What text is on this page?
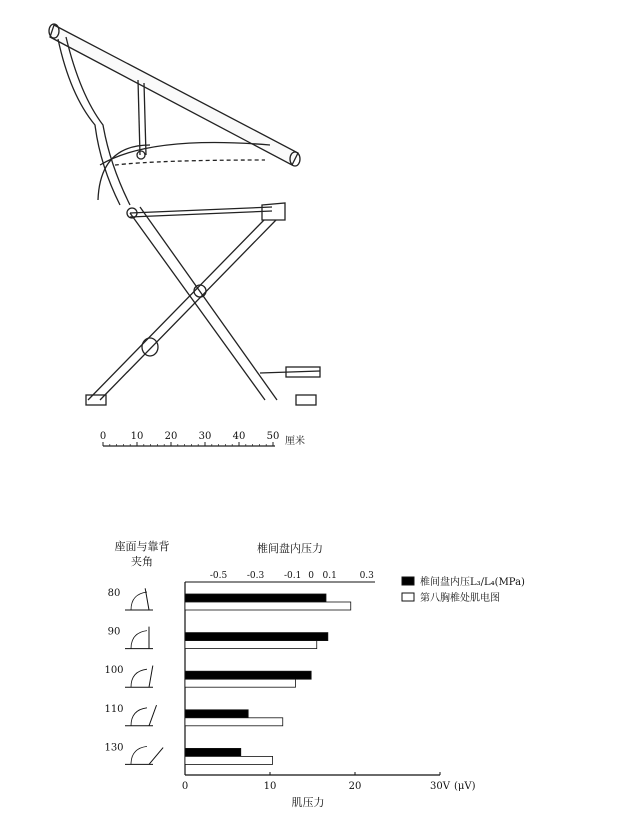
0 10 20 30 40 50 厘米
座面与靠背
夹角
椎间盘内压力
-0.5 -0.3 -0.1 0 0.1	0.3
80
90
100
110
130
0	10	20	30V (μV)
椎间盘内压L₃/L₄(MPa)
第八胸椎处肌电图
肌压力
